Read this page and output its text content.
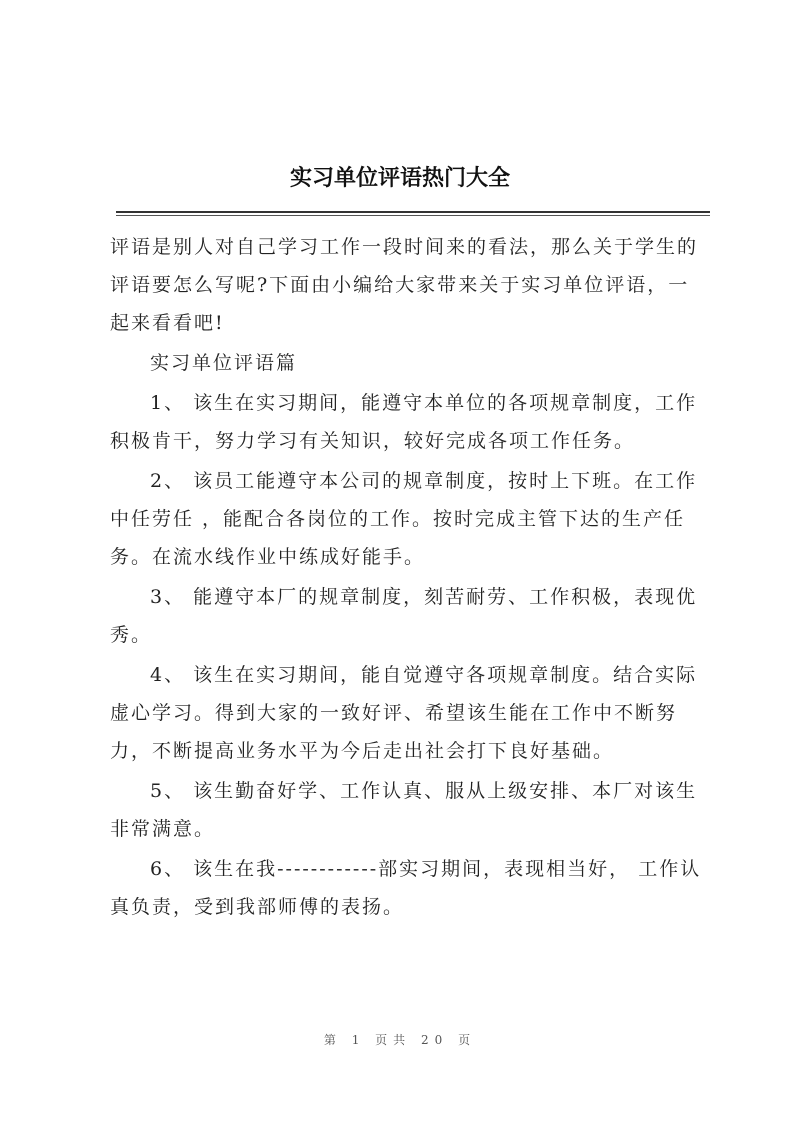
实习单位评语热门大全

评语是别人对自己学习工作一段时间来的看法，那么关于学生的评语要怎么写呢?下面由小编给大家带来关于实习单位评语，一起来看看吧!

实习单位评语篇

1、 该生在实习期间，能遵守本单位的各项规章制度，工作积极肯干，努力学习有关知识，较好完成各项工作任务。

2、 该员工能遵守本公司的规章制度，按时上下班。在工作中任劳任 ，能配合各岗位的工作。按时完成主管下达的生产任务。在流水线作业中练成好能手。

3、 能遵守本厂的规章制度，刻苦耐劳、工作积极，表现优秀。

4、 该生在实习期间，能自觉遵守各项规章制度。结合实际虚心学习。得到大家的一致好评、希望该生能在工作中不断努力，不断提高业务水平为今后走出社会打下良好基础。

5、 该生勤奋好学、工作认真、服从上级安排、本厂对该生非常满意。

6、 该生在我------------部实习期间，表现相当好， 工作认真负责，受到我部师傅的表扬。

第 1 页共 20 页
